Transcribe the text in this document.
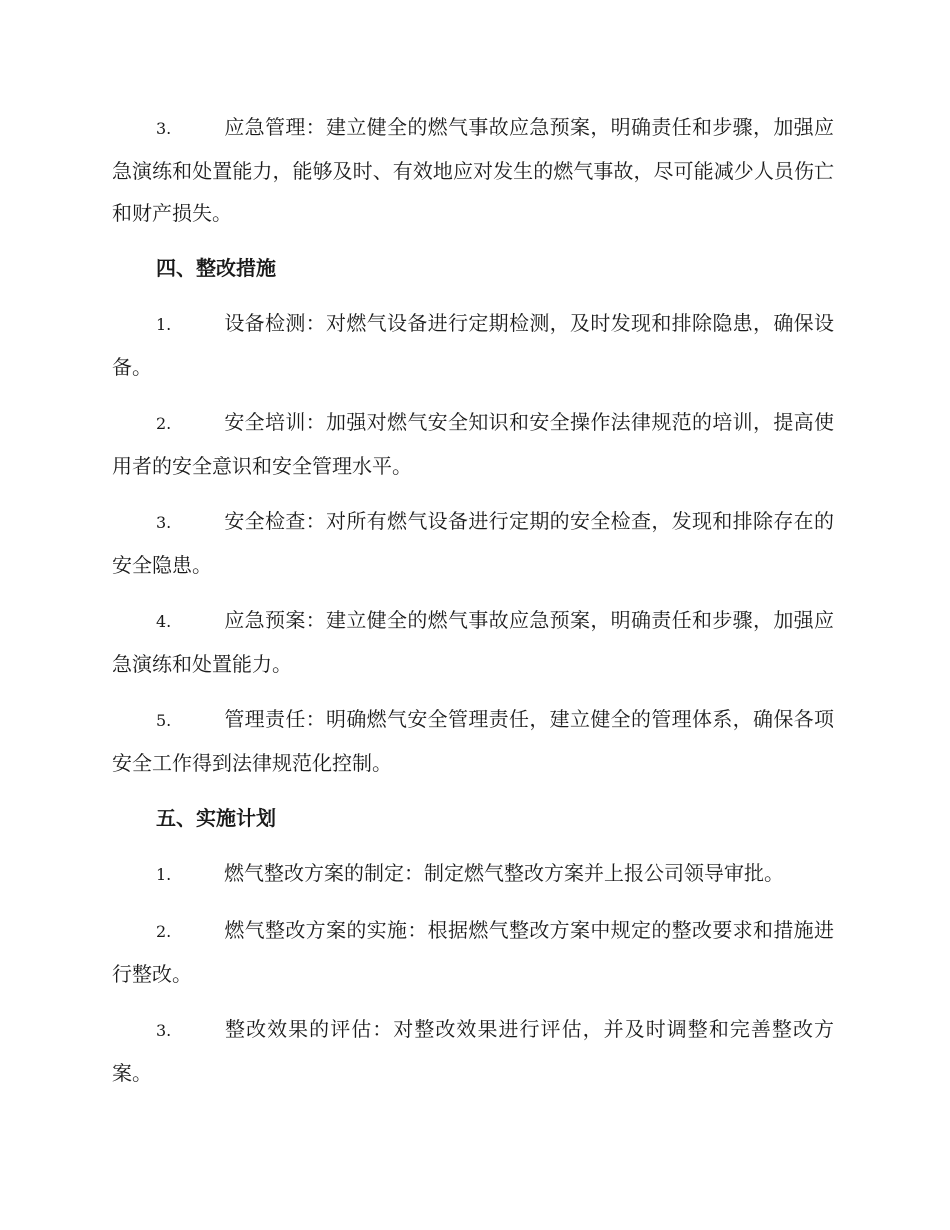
3.	应急管理：建立健全的燃气事故应急预案，明确责任和步骤，加强应急演练和处置能力，能够及时、有效地应对发生的燃气事故，尽可能减少人员伤亡和财产损失。
四、整改措施
1.	设备检测：对燃气设备进行定期检测，及时发现和排除隐患，确保设备。
2.	安全培训：加强对燃气安全知识和安全操作法律规范的培训，提高使用者的安全意识和安全管理水平。
3.	安全检查：对所有燃气设备进行定期的安全检查，发现和排除存在的安全隐患。
4.	应急预案：建立健全的燃气事故应急预案，明确责任和步骤，加强应急演练和处置能力。
5.	管理责任：明确燃气安全管理责任，建立健全的管理体系，确保各项安全工作得到法律规范化控制。
五、实施计划
1.	燃气整改方案的制定：制定燃气整改方案并上报公司领导审批。
2.	燃气整改方案的实施：根据燃气整改方案中规定的整改要求和措施进行整改。
3.	整改效果的评估：对整改效果进行评估，并及时调整和完善整改方案。
